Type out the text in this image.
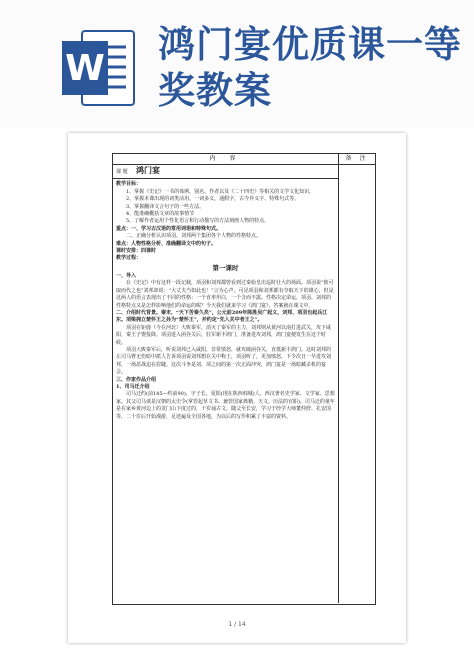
W
鸿门宴优质课一等奖教案
内 容	备 注
课 题	鸿门宴

教学目标：

1、掌握《史记》一书的体例、别名、作者以及《二十四史》等相关的文学文化知识。

2、掌握本课出现的词类活用、一词多义，通假字，古今异义字、特殊句式等。

3、掌握翻译文言句子的一些方法。

4、能准确概括文章的故事情节

5、了解作者运用个性化语言和行动描写的方法刻画人物的特点。

重点：一、学习古汉语的常用词语和特殊句式。

二、正确分析认识项羽、刘邦两个集团各个人物的性格特点。

难点：人物性格分析、准确翻译文中的句子。

课时安排：四课时

教学过程：

第一课时

一、导入

在《史记》中有这样一段记载，项羽和刘邦都曾看到过秦始皇出巡时壮大的场面。项羽说“彼可取而代之也”刘邦却说：“大丈夫当如此也！”言为心声，可见项羽和刘邦都有夺取天下的雄心，但是这两人的语言表现出了不同的性格：一个直率坦白，一个含而不露。性格决定命运，项羽、刘邦的性格特点又是怎样影响他们的命运的呢？今天我们就来学习《鸿门宴》，答案就在课文中。

二、介绍时代背景。秦末，“天下苦秦久矣”，公元前209年陈胜吴广起义，刘邦、项羽也起兵江东。项梁拥立楚怀王之孙为“楚怀王”，并约定“先入关中者王之”。

项羽在钜鹿（今在河北）大败秦军，消灭了秦军的主力，刘邦则从黄河以南打进武关，攻下咸阳，秦王子婴投降。项羽进入函谷关后，驻军新丰鸿门，准备进攻刘邦，鸿门宴便发生在这个时候。

项羽大败秦军后，听说刘邦已入咸阳，非常愤怒，就攻破函谷关，直抵新丰鸿门。这时刘邦的左司马曹无伤暗中派人告诉项羽说刘邦想在关中称王，项羽听了，更加愤怒，下令次日一早进攻刘邦，一场恶战迫在眉睫。这次斗争是刘、项之间的第一次正面冲突，鸿门宴是一场暗藏杀机的宴会。

三、作家作品介绍

1、司马迁介绍

司马迁约(前145—约前90)，字子长，夏阳(现在陕西韩城)人。西汉著名史学家、文学家、思想家。其父司马谈是汉朝的太史令(掌管起草文书、兼管国家典籍、天文、历法的官职)。司马迁的童年是在家乡黄河边上的龙门山下度过的，十岁诵古文。随父至长安，学习于经学大师董仲舒、孔安国等，二十岁后开始漫游，足迹遍及全国各地，为以后的写作积累了丰富的资料。

1 / 14
